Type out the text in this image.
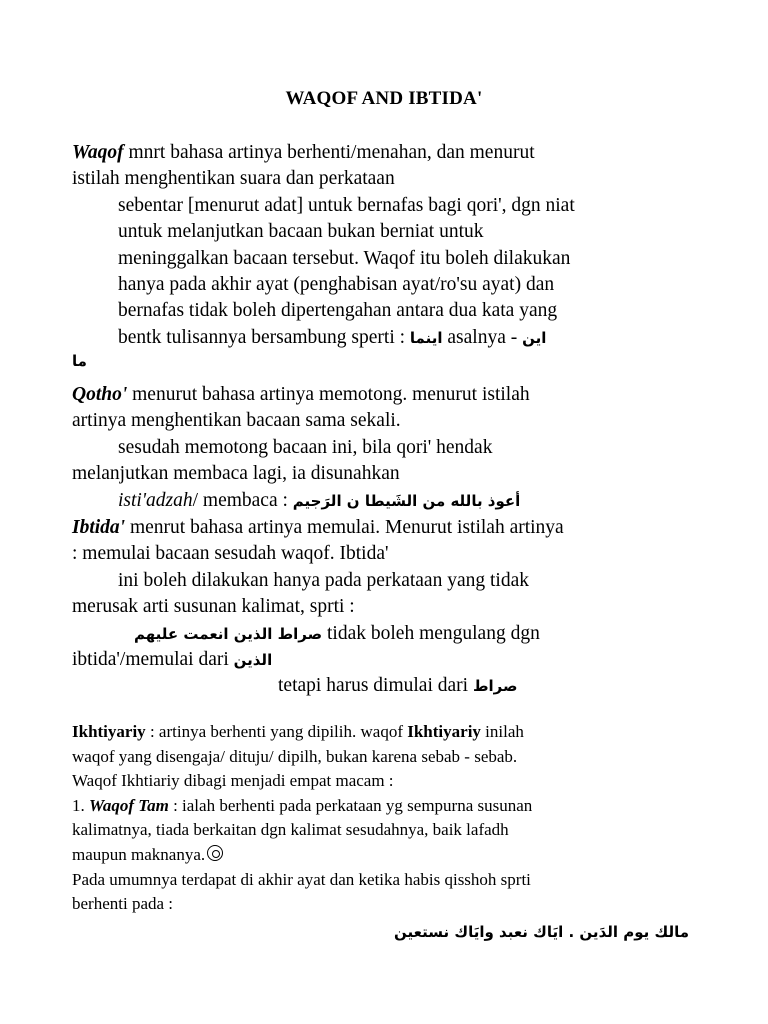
WAQOF AND IBTIDA'
Waqof mnrt bahasa artinya berhenti/menahan, dan menurut
istilah menghentikan suara dan perkataan
sebentar [menurut adat] untuk bernafas bagi qori', dgn niat
untuk melanjutkan bacaan bukan berniat untuk
meninggalkan bacaan tersebut. Waqof itu boleh dilakukan
hanya pada akhir ayat (penghabisan ayat/ro'su ayat) dan
bernafas tidak boleh dipertengahan antara dua kata yang
bentk tulisannya bersambung sperti : اينما asalnya - اين
ما
Qotho' menurut bahasa artinya memotong. menurut istilah
artinya menghentikan bacaan sama sekali.
sesudah memotong bacaan ini, bila qori' hendak
melanjutkan membaca lagi, ia disunahkan
isti'adzah/ membaca : أعوذ بالله من الشَيطا ن الرَجيم
Ibtida' menrut bahasa artinya memulai. Menurut istilah artinya
: memulai bacaan sesudah waqof. Ibtida'
ini boleh dilakukan hanya pada perkataan yang tidak
merusak arti susunan kalimat, sprti :
صراط الذين انعمت عليهم tidak boleh mengulang dgn
ibtida'/memulai dari الذين
tetapi harus dimulai dari صراط
Ikhtiyariy : artinya berhenti yang dipilih. waqof Ikhtiyariy inilah
waqof yang disengaja/ dituju/ dipilh, bukan karena sebab - sebab.
Waqof Ikhtiariy dibagi menjadi empat macam :
1. Waqof Tam : ialah berhenti pada perkataan yg sempurna susunan
kalimatnya, tiada berkaitan dgn kalimat sesudahnya, baik lafadh
maupun maknanya.
Pada umumnya terdapat di akhir ayat dan ketika habis qisshoh sprti
berhenti pada :
مالك يوم الدَين . ايَاك نعبد وايَاك نستعين
